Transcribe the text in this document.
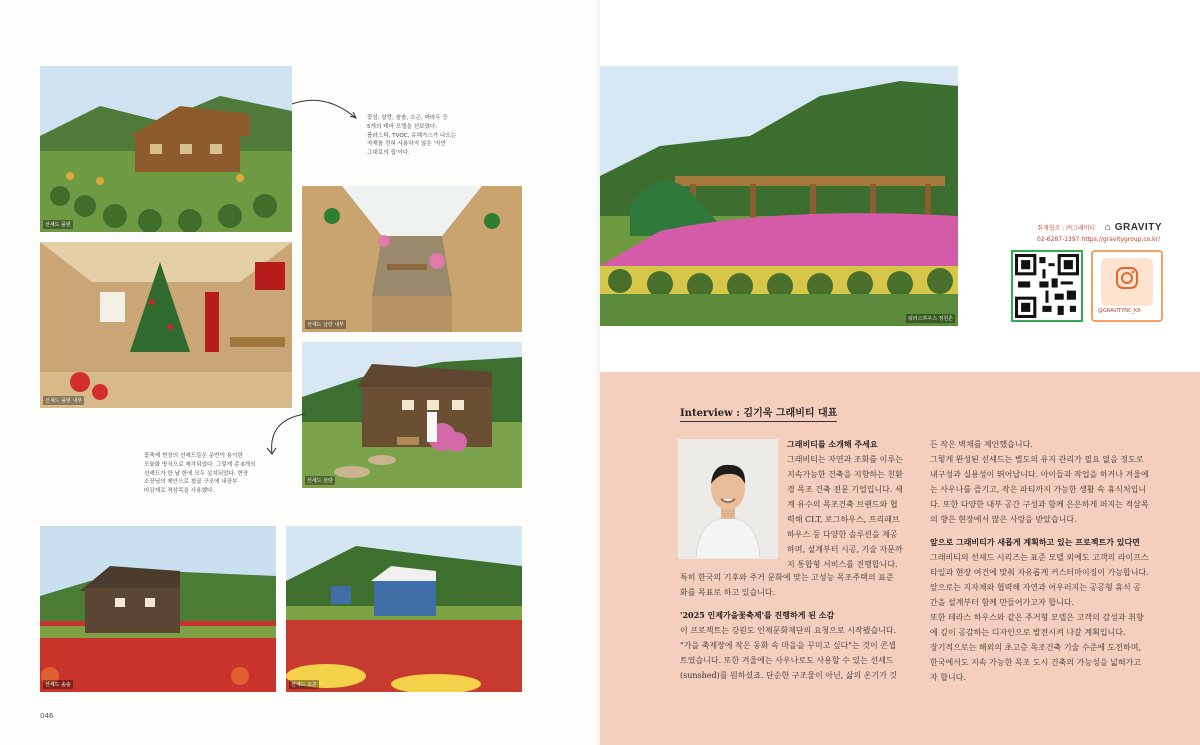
선셰드 플랜
꽃섬, 살랑, 솔솔, 소곤, 파라두 등
5개의 테마 모델을 선보였다.
플라스틱, TVOC, 유해가스가 나오는
자재를 전혀 사용하지 않은 '자연
그대로의 집'이다.
선셰드 플랜 내부
선셰드 살랑 내부
선셰드 살랑
꽃축제 현장의 선셰드들은 운반이 용이한
모듈화 방식으로 제작되었다. 그렇게 총 6개의
선셰드가 한 날 한에 모두 설치되었다. 현장
소장님의 제안으로 철골 구조에 내장부
마감재로 적삼목을 사용했다.
선셰드 솔솔	선셰드 소곤
046
워라스하우스 정원존
취재협조 : ㈜그래비티 ⌂ GRAVITY
02-6287-1397 https://gravitygroup.co.kr/
@GRAVITYNC_KR
Interview : 김기욱 그래비티 대표

그래비티를 소개해 주세요

그래비티는 자연과 조화를 이루는

지속가능한 건축을 지향하는 친환

경 목조 건축 전문 기업입니다. 세

계 유수의 목조건축 브랜드와 협

력해 CLT, 로그하우스, 프리패브

하우스 등 다양한 솔루션을 제공

하며, 설계부터 시공, 기술 자문까

지 통합형 서비스를 진행합니다.

특히 한국의 기후와 주거 문화에 맞는 고성능 목조주택의 표준

화를 목표로 하고 있습니다.

'2025 인제가을꽃축제'를 진행하게 된 소감

이 프로젝트는 강원도 인제문화재단의 요청으로 시작됐습니다.

"가을 축제장에 작은 동화 속 마을을 꾸미고 싶다"는 것이 콘셉

트였습니다. 또한 겨울에는 사우나로도 사용할 수 있는 선셰드

(sunshed)를 원하셨죠. 단순한 구조물이 아닌, 삶의 온기가 깃

든 작은 벽채를 제안했습니다.

그렇게 완성된 선셰드는 별도의 유지 관리가 필요 없을 정도로

내구성과 실용성이 뛰어납니다. 아이들과 작업을 하거나 겨울에

는 사우나를 즐기고, 작은 파티까지 가능한 생활 속 휴식처입니

다. 또한 다양한 내부 공간 구성과 함께 은은하게 퍼지는 적삼목

의 향은 현장에서 많은 사랑을 받았습니다.

앞으로 그래비티가 새롭게 계획하고 있는 프로젝트가 있다면

그래비티의 선셰드 시리즈는 표준 모델 외에도 고객의 라이프스

타일과 현장 여건에 맞춰 자유롭게 커스터마이징이 가능합니다.

앞으로는 지자체와 협력해 자연과 어우러지는 공공형 휴식 공

간을 설계부터 함께 만들어가고자 합니다.

또한 테라스 하우스와 같은 주거형 모델은 고객의 감성과 취향

에 깊이 공감하는 디자인으로 발전시켜 나갈 계획입니다.

장기적으로는 해외의 초고층 목조건축 기술 수준에 도전하며,

한국에서도 지속 가능한 목조 도시 건축의 가능성을 넓혀가고

자 합니다.
